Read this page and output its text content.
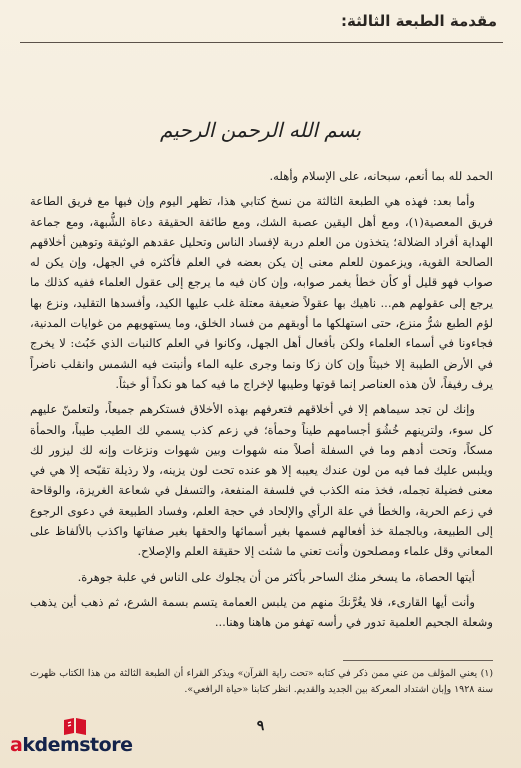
مقدمة الطبعة الثالثة:
بسم الله الرحمن الرحيم

الحمد لله بما أنعم، سبحانه، على الإسلام وأهله.

وأما بعد: فهذه هي الطبعة الثالثة من نسخ كتابي هذا، تظهر اليوم وإن فيها مع فريق الطاعة فريق المعصية(١)، ومع أهل اليقين عصبة الشك، ومع طائفة الحقيقة دعاة الشُّبهة، ومع جماعة الهداية أفراد الضلالة؛ يتخذون من العلم دربة لإفساد الناس وتحليل عقدهم الوثيقة وتوهين أخلاقهم الصالحة القوية، ويزعمون للعلم معنى إن يكن بعضه في العلم فأكثره في الجهل، وإن يكن له صواب فهو قليل أو كأن خطأ يغمر صوابه، وإن كان فيه ما يرجع إلى عقول العلماء ففيه كذلك ما يرجع إلى عقولهم هم... ناهيك بها عقولاً ضعيفة معتلة غلب عليها الكيد، وأفسدها التقليد، ونزع بها لؤم الطبع شرُّ منزع، حتى استهلكها ما أوبقهم من فساد الخلق، وما يستهويهم من غوايات المدنية، فجاءونا في أسماء العلماء ولكن بأفعال أهل الجهل، وكانوا في العلم كالنبات الذي خَبُث: لا يخرج في الأرض الطيبة إلا خبيثاً وإن كان زكا ونما وجرى عليه الماء وأنبتت فيه الشمس وانقلب ناضراً يرف رفيفاً، لأن هذه العناصر إنما قوتها وطيبها لإخراج ما فيه كما هو نكداً أو خبثاً.

وإنك لن تجد سيماهم إلا في أخلاقهم فتعرفهم بهذه الأخلاق فستكرهم جميعاً، ولتعلمنّ عليهم كل سوء، ولترينهم خُشُوَ أجسامهم طيناً وحمأة؛ في زعم كذب يسمي لك الطيب طيباً، والحمأة مسكاً، وتحت أدهم وما في السفلة أصلاً منه شهوات وبين شهوات ونزغات وإنه لك ليزور لك ويلبس عليك فما فيه من لون عندك يعيبه إلا هو عنده تحت لون يزينه، ولا رذيلة تقبّحه إلا هي في معنى فضيلة تجمله، فخذ منه الكذب في فلسفة المنفعة، والتسفل في شعاعة الغريزة، والوقاحة في زعم الحرية، والخطأ في علة الرأي والإلحاد في حجة العلم، وفساد الطبيعة في دعوى الرجوع إلى الطبيعة، وبالجملة خذ أفعالهم فسمها بغير أسمائها والحقها بغير صفاتها واكذب بالألفاظ على المعاني وقل علماء ومصلحون وأنت تعني ما شئت إلا حقيقة العلم والإصلاح.

أيتها الحصاة، ما يسخر منك الساحر بأكثر من أن يجلوك على الناس في علبة جوهرة.

وأنت أيها القارىء، فلا يغُرَّنكَ منهم من يلبس العمامة يتسم بسمة الشرع، ثم ذهب أين يذهب وشعلة الجحيم العلمية تدور في رأسه تهفو من هاهنا وهنا...

(١) يعني المؤلف من عني ممن ذكر في كتابه «تحت راية القرآن» ويذكر القراء أن الطبعة الثالثة من هذا الكتاب ظهرت سنة ١٩٢٨ وإبان اشتداد المعركة بين الجديد والقديم. انظر كتابنا «حياة الرافعي».
٩
akdemstore
